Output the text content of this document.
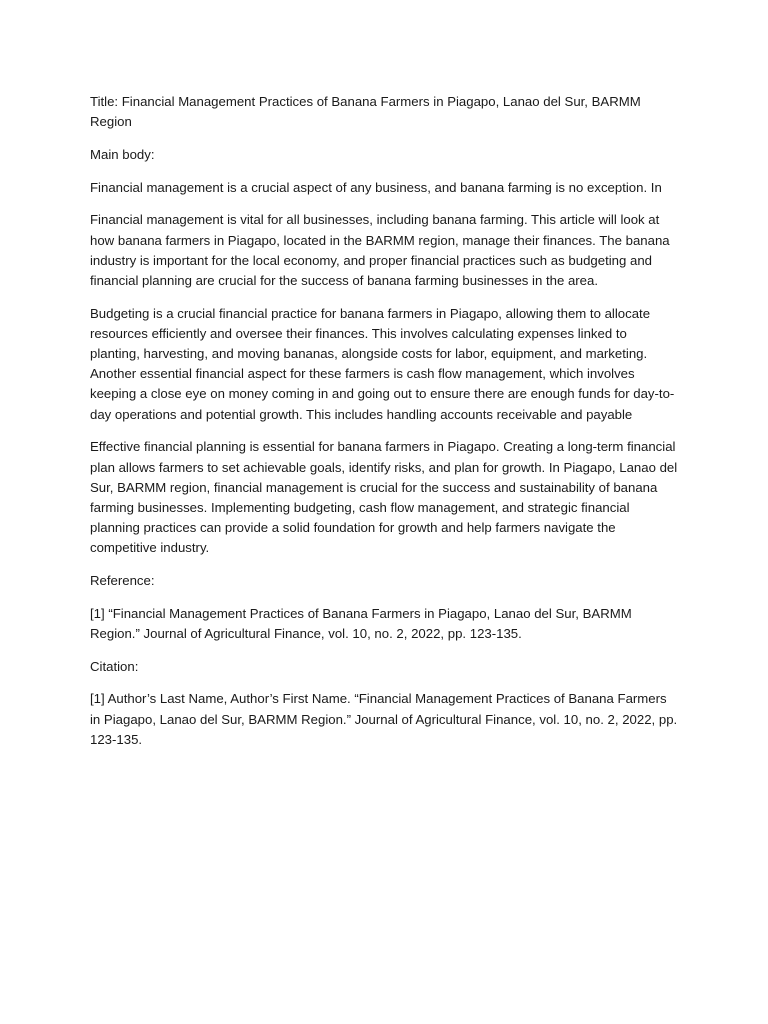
Title: Financial Management Practices of Banana Farmers in Piagapo, Lanao del Sur, BARMM Region

Main body:

Financial management is a crucial aspect of any business, and banana farming is no exception. In

Financial management is vital for all businesses, including banana farming. This article will look at how banana farmers in Piagapo, located in the BARMM region, manage their finances. The banana industry is important for the local economy, and proper financial practices such as budgeting and financial planning are crucial for the success of banana farming businesses in the area.

Budgeting is a crucial financial practice for banana farmers in Piagapo, allowing them to allocate resources efficiently and oversee their finances. This involves calculating expenses linked to planting, harvesting, and moving bananas, alongside costs for labor, equipment, and marketing. Another essential financial aspect for these farmers is cash flow management, which involves keeping a close eye on money coming in and going out to ensure there are enough funds for day-to-day operations and potential growth. This includes handling accounts receivable and payable

Effective financial planning is essential for banana farmers in Piagapo. Creating a long-term financial plan allows farmers to set achievable goals, identify risks, and plan for growth. In Piagapo, Lanao del Sur, BARMM region, financial management is crucial for the success and sustainability of banana farming businesses. Implementing budgeting, cash flow management, and strategic financial planning practices can provide a solid foundation for growth and help farmers navigate the competitive industry.

Reference:

[1] “Financial Management Practices of Banana Farmers in Piagapo, Lanao del Sur, BARMM Region.” Journal of Agricultural Finance, vol. 10, no. 2, 2022, pp. 123-135.

Citation:

[1] Author’s Last Name, Author’s First Name. “Financial Management Practices of Banana Farmers in Piagapo, Lanao del Sur, BARMM Region.” Journal of Agricultural Finance, vol. 10, no. 2, 2022, pp. 123-135.
